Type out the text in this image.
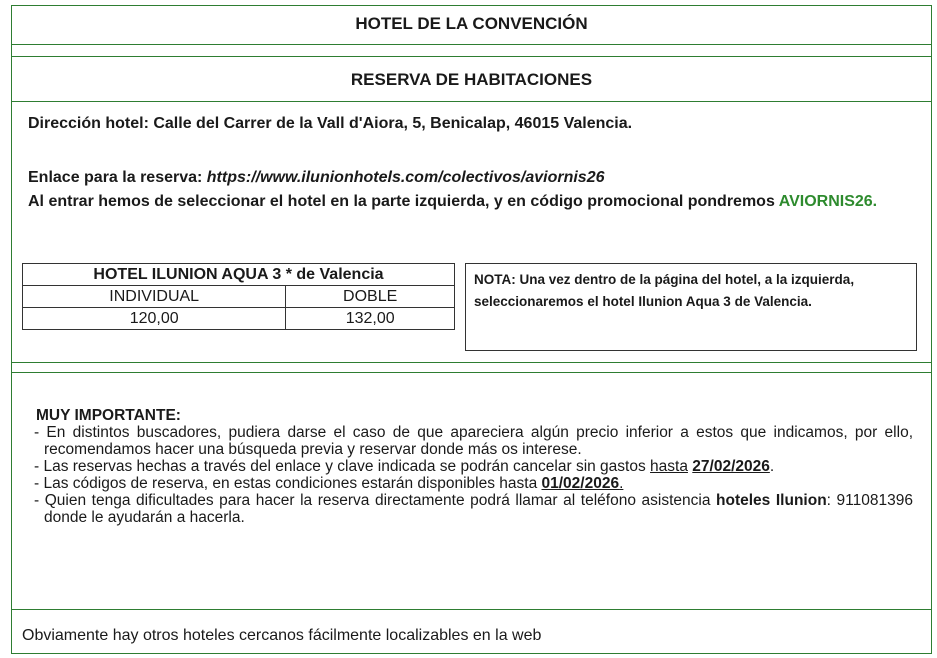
HOTEL DE LA CONVENCIÓN
RESERVA DE HABITACIONES
Dirección hotel: Calle del Carrer de la Vall d'Aiora, 5, Benicalap, 46015 Valencia.
Enlace para la reserva: https://www.ilunionhotels.com/colectivos/aviornis26
Al entrar hemos de seleccionar el hotel en la parte izquierda, y en código promocional pondremos AVIORNIS26.
HOTEL ILUNION AQUA 3 * de Valencia	
INDIVIDUAL	DOBLE
120,00	132,00
NOTA: Una vez dentro de la página del hotel, a la izquierda, seleccionaremos el hotel Ilunion Aqua 3 de Valencia.
MUY IMPORTANTE:
- En distintos buscadores, pudiera darse el caso de que apareciera algún precio inferior a estos que indicamos, por ello, recomendamos hacer una búsqueda previa y reservar donde más os interese.
- Las reservas hechas a través del enlace y clave indicada se podrán cancelar sin gastos hasta 27/02/2026.
- Las códigos de reserva, en estas condiciones estarán disponibles hasta 01/02/2026.
- Quien tenga dificultades para hacer la reserva directamente podrá llamar al teléfono asistencia hoteles Ilunion: 911081396 donde le ayudarán a hacerla.
Obviamente hay otros hoteles cercanos fácilmente localizables en la web
